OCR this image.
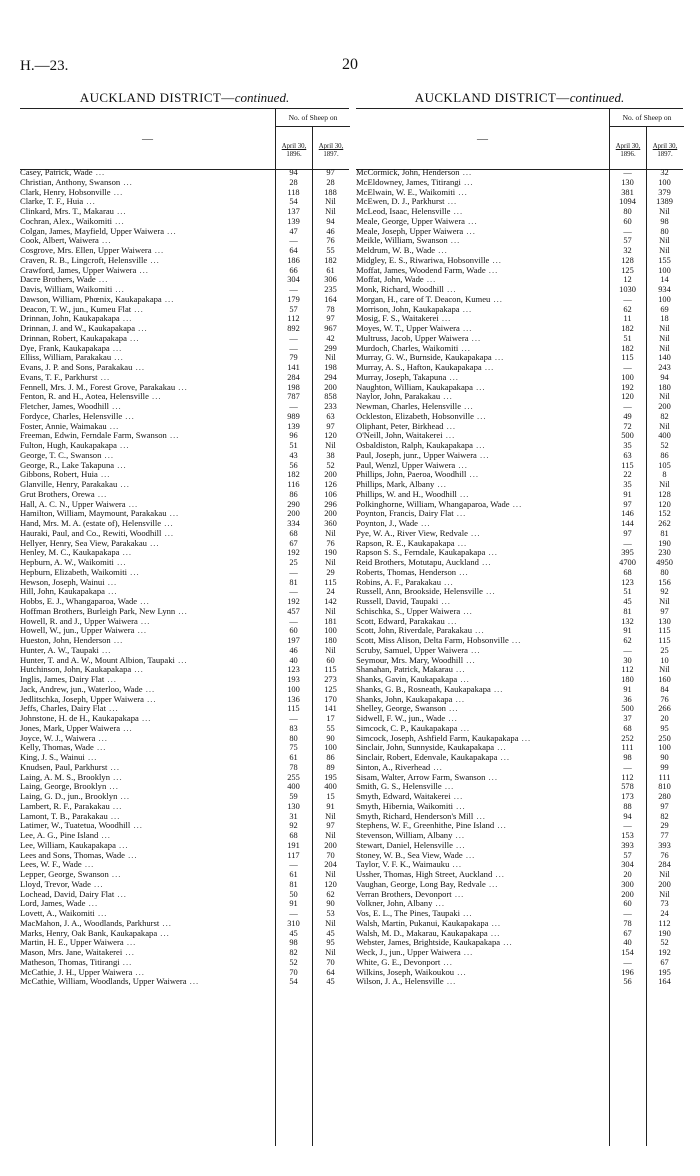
H.—23.	20
AUCKLAND DISTRICT—continued.
—
No. of Sheep on
April 30,
1896.
April 30,
1897.
Casey, Patrick, Wade ...	94	97
Christian, Anthony, Swanson ...	28	28
Clark, Henry, Hobsonville ...	118	188
Clarke, T. F., Huia ...	54	Nil
Clinkard, Mrs. T., Makarau ...	137	Nil
Cochran, Alex., Waikomiti ...	139	94
Colgan, James, Mayfield, Upper Waiwera ...	47	46
Cook, Albert, Waiwera ...	—	76
Cosgrove, Mrs. Ellen, Upper Waiwera ...	64	55
Craven, R. B., Lingcroft, Helensville ...	186	182
Crawford, James, Upper Waiwera ...	66	61
Dacre Brothers, Wade ...	304	306
Davis, William, Waikomiti ...	—	235
Dawson, William, Phœnix, Kaukapakapa ...	179	164
Deacon, T. W., jun., Kumeu Flat ...	57	78
Drinnan, John, Kaukapakapa ...	112	97
Drinnan, J. and W., Kaukapakapa ...	892	967
Drinnan, Robert, Kaukapakapa ...	—	42
Dye, Frank, Kaukapakapa ...	—	299
Elliss, William, Parakakau ...	79	Nil
Evans, J. P. and Sons, Parakakau ...	141	198
Evans, T. F., Parkhurst ...	284	294
Fennell, Mrs. J. M., Forest Grove, Parakakau ...	198	200
Fenton, R. and H., Aotea, Helensville ...	787	858
Fletcher, James, Woodhill ...	—	233
Fordyce, Charles, Helensville ...	989	63
Foster, Annie, Waimakau ...	139	97
Freeman, Edwin, Ferndale Farm, Swanson ...	96	120
Fulton, Hugh, Kaukapakapa ...	51	Nil
George, T. C., Swanson ...	43	38
George, R., Lake Takapuna ...	56	52
Gibbons, Robert, Huia ...	182	200
Glanville, Henry, Parakakau ...	116	126
Grut Brothers, Orewa ...	86	106
Hall, A. C. N., Upper Waiwera ...	290	296
Hamilton, William, Maymount, Parakakau ...	200	200
Hand, Mrs. M. A. (estate of), Helensville ...	334	360
Hauraki, Paul, and Co., Rewiti, Woodhill ...	68	Nil
Hellyer, Henry, Sea View, Parakakau ...	67	76
Henley, M. C., Kaukapakapa ...	192	190
Hepburn, A. W., Waikomiti ...	25	Nil
Hepburn, Elizabeth, Waikomiti ...	—	29
Hewson, Joseph, Wainui ...	81	115
Hill, John, Kaukapakapa ...	—	24
Hobbs, E. J., Whangaparoa, Wade ...	192	142
Hoffman Brothers, Burleigh Park, New Lynn ...	457	Nil
Howell, R. and J., Upper Waiwera ...	—	181
Howell, W., jun., Upper Waiwera ...	60	100
Hueston, John, Henderson ...	197	180
Hunter, A. W., Taupaki ...	46	Nil
Hunter, T. and A. W., Mount Albion, Taupaki ...	40	60
Hutchinson, John, Kaukapakapa ...	123	115
Inglis, James, Dairy Flat ...	193	273
Jack, Andrew, jun., Waterloo, Wade ...	100	125
Jedlitschka, Joseph, Upper Waiwera ...	136	170
Jeffs, Charles, Dairy Flat ...	115	141
Johnstone, H. de H., Kaukapakapa ...	—	17
Jones, Mark, Upper Waiwera ...	83	55
Joyce, W. J., Waiwera ...	80	90
Kelly, Thomas, Wade ...	75	100
King, J. S., Wainui ...	61	86
Knudsen, Paul, Parkhurst ...	78	89
Laing, A. M. S., Brooklyn ...	255	195
Laing, George, Brooklyn ...	400	400
Laing, G. D., jun., Brooklyn ...	59	15
Lambert, R. F., Parakakau ...	130	91
Lamont, T. B., Parakakau ...	31	Nil
Latimer, W., Tuatetua, Woodhill ...	92	97
Lee, A. G., Pine Island ...	68	Nil
Lee, William, Kaukapakapa ...	191	200
Lees and Sons, Thomas, Wade ...	117	70
Lees, W. F., Wade ...	—	204
Lepper, George, Swanson ...	61	Nil
Lloyd, Trevor, Wade ...	81	120
Lochead, David, Dairy Flat ...	50	62
Lord, James, Wade ...	91	90
Lovett, A., Waikomiti ...	—	53
MacMahon, J. A., Woodlands, Parkhurst ...	310	Nil
Marks, Henry, Oak Bank, Kaukapakapa ...	45	45
Martin, H. E., Upper Waiwera ...	98	95
Mason, Mrs. Jane, Waitakerei ...	82	Nil
Matheson, Thomas, Titirangi ...	52	70
McCathie, J. H., Upper Waiwera ...	70	64
McCathie, William, Woodlands, Upper Waiwera ...	54	45
AUCKLAND DISTRICT—continued.
—
No. of Sheep on
April 30,
1896.
April 30,
1897.
McCormick, John, Henderson ...	—	32
McEldowney, James, Titirangi ...	130	100
McElwain, W. E., Waikomiti ...	381	379
McEwen, D. J., Parkhurst ...	1094	1389
McLeod, Isaac, Helensville ...	80	Nil
Meale, George, Upper Waiwera ...	60	98
Meale, Joseph, Upper Waiwera ...	—	80
Meikle, William, Swanson ...	57	Nil
Meldrum, W. B., Wade ...	32	Nil
Midgley, E. S., Riwariwa, Hobsonville ...	128	155
Moffat, James, Woodend Farm, Wade ...	125	100
Moffat, John, Wade ...	12	14
Monk, Richard, Woodhill ...	1030	934
Morgan, H., care of T. Deacon, Kumeu ...	—	100
Morrison, John, Kaukapakapa ...	62	69
Mosig, F. S., Waitakerei ...	11	18
Moyes, W. T., Upper Waiwera ...	182	Nil
Multruss, Jacob, Upper Waiwera ...	51	Nil
Murdoch, Charles, Waikomiti ...	182	Nil
Murray, G. W., Burnside, Kaukapakapa ...	115	140
Murray, A. S., Hafton, Kaukapakapa ...	—	243
Murray, Joseph, Takapuna ...	100	94
Naughton, William, Kaukapakapa ...	192	180
Naylor, John, Parakakau ...	120	Nil
Newman, Charles, Helensville ...	—	200
Ockleston, Elizabeth, Hobsonville ...	49	82
Oliphant, Peter, Birkhead ...	72	Nil
O'Neill, John, Waitakerei ...	500	400
Osbaldiston, Ralph, Kaukapakapa ...	35	52
Paul, Joseph, junr., Upper Waiwera ...	63	86
Paul, Wenzl, Upper Waiwera ...	115	105
Phillips, John, Paeroa, Woodhill ...	22	8
Phillips, Mark, Albany ...	35	Nil
Phillips, W. and H., Woodhill ...	91	128
Polkinghorne, William, Whangaparoa, Wade ...	97	120
Poynton, Francis, Dairy Flat ...	146	152
Poynton, J., Wade ...	144	262
Pye, W. A., River View, Redvale ...	97	81
Rapson, R. E., Kaukapakapa ...	—	190
Rapson S. S., Ferndale, Kaukapakapa ...	395	230
Reid Brothers, Motutapu, Auckland ...	4700	4950
Roberts, Thomas, Henderson ...	68	80
Robins, A. F., Parakakau ...	123	156
Russell, Ann, Brookside, Helensville ...	51	92
Russell, David, Taupaki ...	45	Nil
Schischka, S., Upper Waiwera ...	81	97
Scott, Edward, Parakakau ...	132	130
Scott, John, Riverdale, Parakakau ...	91	115
Scott, Miss Alison, Delta Farm, Hobsonville ...	62	115
Scruby, Samuel, Upper Waiwera ...	—	25
Seymour, Mrs. Mary, Woodhill ...	30	10
Shanahan, Patrick, Makarau ...	112	Nil
Shanks, Gavin, Kaukapakapa ...	180	160
Shanks, G. B., Rosneath, Kaukapakapa ...	91	84
Shanks, John, Kaukapakapa ...	36	76
Shelley, George, Swanson ...	500	266
Sidwell, F. W., jun., Wade ...	37	20
Simcock, C. P., Kaukapakapa ...	68	95
Simcock, Joseph, Ashfield Farm, Kaukapakapa ...	252	250
Sinclair, John, Sunnyside, Kaukapakapa ...	111	100
Sinclair, Robert, Edenvale, Kaukapakapa ...	98	90
Sinton, A., Riverhead ...	—	99
Sisam, Walter, Arrow Farm, Swanson ...	112	111
Smith, G. S., Helensville ...	578	810
Smyth, Edward, Waitakerei ...	173	280
Smyth, Hibernia, Waikomiti ...	88	97
Smyth, Richard, Henderson's Mill ...	94	82
Stephens, W. F., Greenhithe, Pine Island ...	—	29
Stevenson, William, Albany ...	153	77
Stewart, Daniel, Helensville ...	393	393
Stoney, W. B., Sea View, Wade ...	57	76
Taylor, V. F. K., Waimauku ...	304	284
Ussher, Thomas, High Street, Auckland ...	20	Nil
Vaughan, George, Long Bay, Redvale ...	300	200
Verran Brothers, Devonport ...	200	Nil
Volkner, John, Albany ...	60	73
Vos, E. L., The Pines, Taupaki ...	—	24
Walsh, Martin, Pukanui, Kaukapakapa ...	78	112
Walsh, M. D., Makarau, Kaukapakapa ...	67	190
Webster, James, Brightside, Kaukapakapa ...	40	52
Weck, J., jun., Upper Waiwera ...	154	192
White, G. E., Devonport ...	—	67
Wilkins, Joseph, Waikoukou ...	196	195
Wilson, J. A., Helensville ...	56	164
